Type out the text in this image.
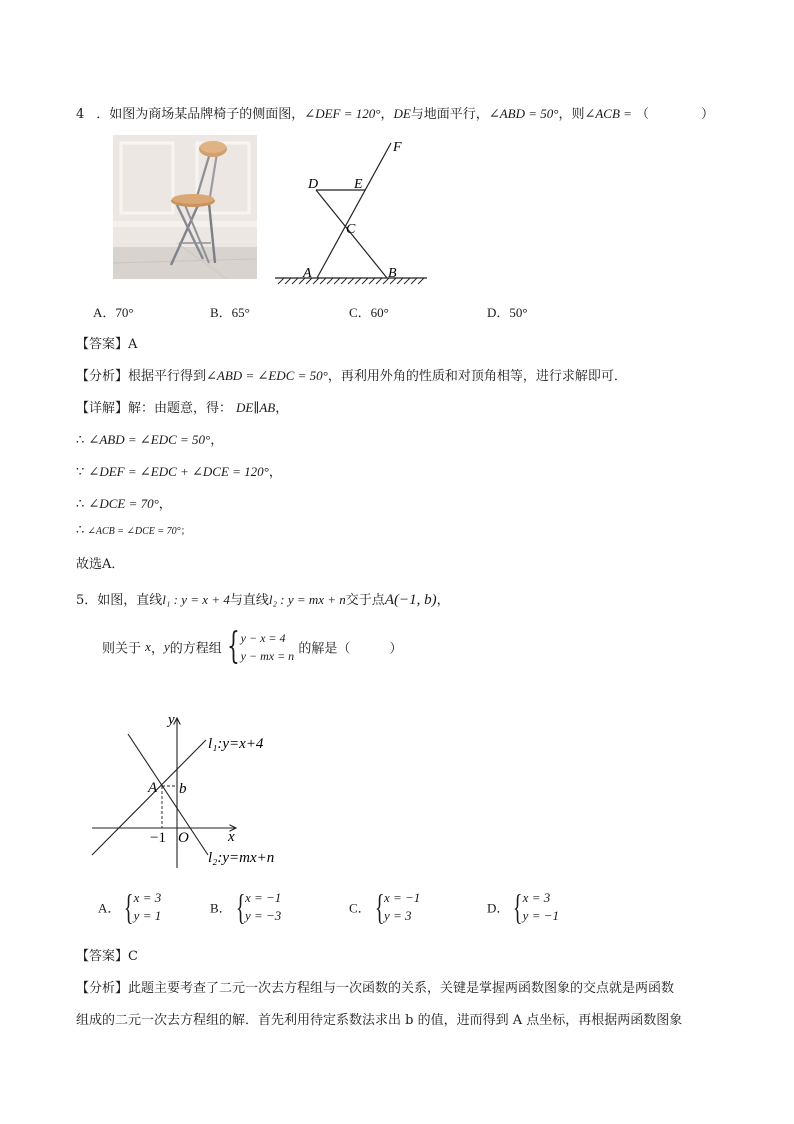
4 ．如图为商场某品牌椅子的侧面图，∠DEF = 120°，DE与地面平行，∠ABD = 50°，则∠ACB = （　　　　）
F
D	E
C
A	B
A．70°	B．65°	C．60°	D．50°
【答案】A
【分析】根据平行得到∠ABD = ∠EDC = 50°，再利用外角的性质和对顶角相等，进行求解即可．
【详解】解：由题意，得： DE∥AB，
∴ ∠ABD = ∠EDC = 50°，
∵ ∠DEF = ∠EDC + ∠DCE = 120°，
∴ ∠DCE = 70°，
∴ ∠ACB = ∠DCE = 70°；
故选A．
5．如图，直线l₁ : y = x + 4与直线l₂ : y = mx + n交于点A(−1, b)，
则关于 x，y的方程组 { y − x = 4
y − mx = n 的解是（　　　）
y
x
O
A b
−1
l₁:y=x+4
l₂:y=mx+n
A． { x = 3
y = 1	B． { x = −1
y = −3	C． { x = −1
y = 3	D． { x = 3
y = −1
【答案】C
【分析】此题主要考查了二元一次去方程组与一次函数的关系，关键是掌握两函数图象的交点就是两函数
组成的二元一次去方程组的解．首先利用待定系数法求出 b 的值，进而得到 A 点坐标，再根据两函数图象
